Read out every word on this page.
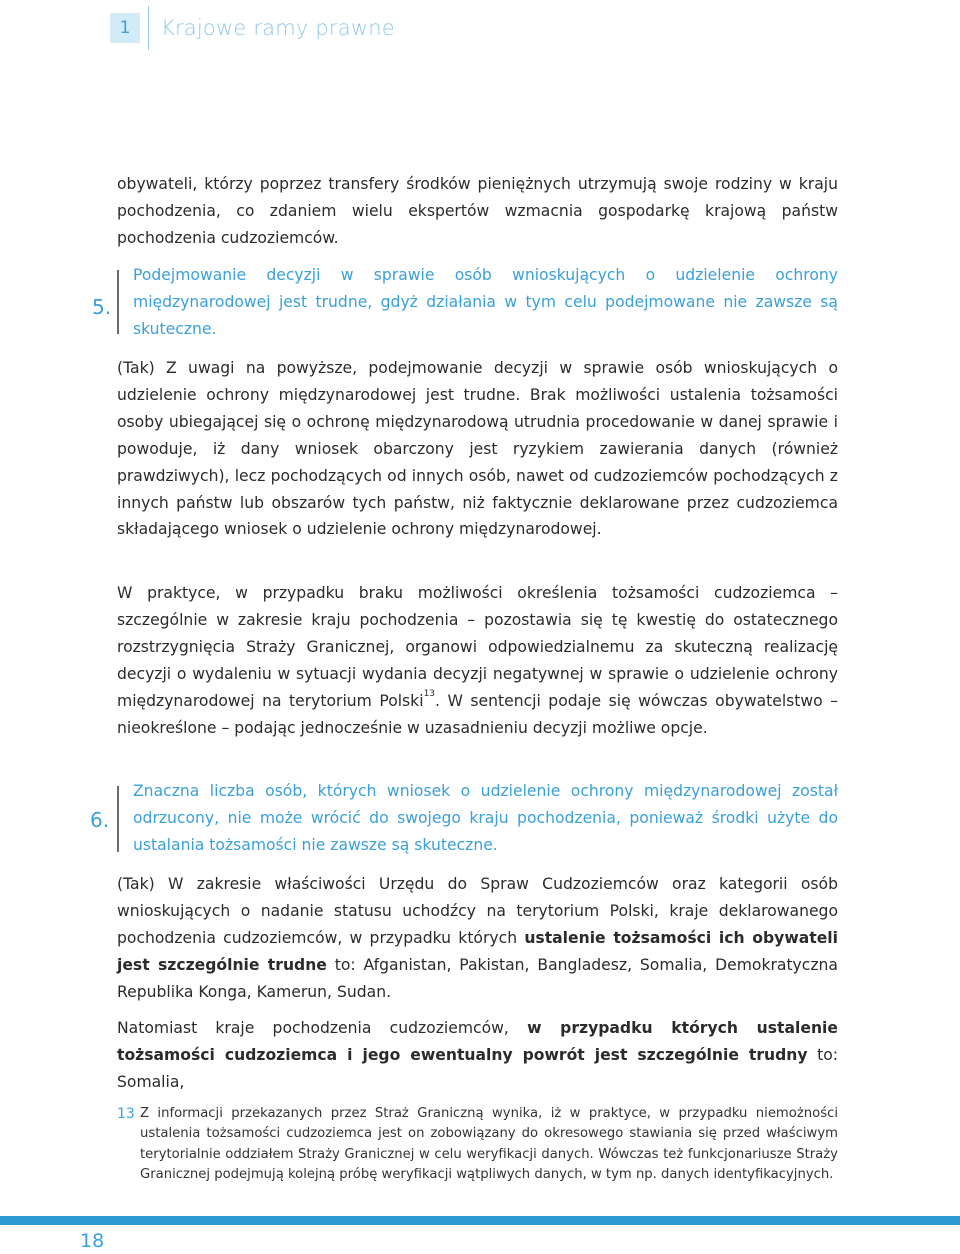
1	Krajowe ramy prawne

obywateli, którzy poprzez transfery środków pieniężnych utrzymują swoje rodziny w kraju pochodzenia, co zdaniem wielu ekspertów wzmacnia gospodarkę krajową państw pochodzenia cudzoziemców.

5.

Podejmowanie decyzji w sprawie osób wnioskujących o udzielenie ochrony międzynarodowej jest trudne, gdyż działania w tym celu podejmowane nie zawsze są skuteczne.

(Tak) Z uwagi na powyższe, podejmowanie decyzji w sprawie osób wnioskujących o udzielenie ochrony międzynarodowej jest trudne. Brak możliwości ustalenia tożsamości osoby ubiegającej się o ochronę międzynarodową utrudnia procedowanie w danej sprawie i powoduje, iż dany wniosek obarczony jest ryzykiem zawierania danych (również prawdziwych), lecz pochodzących od innych osób, nawet od cudzoziemców pochodzących z innych państw lub obszarów tych państw, niż faktycznie deklarowane przez cudzoziemca składającego wniosek o udzielenie ochrony międzynarodowej.

W praktyce, w przypadku braku możliwości określenia tożsamości cudzoziemca – szczególnie w zakresie kraju pochodzenia – pozostawia się tę kwestię do ostatecznego rozstrzygnięcia Straży Granicznej, organowi odpowiedzialnemu za skuteczną realizację decyzji o wydaleniu w sytuacji wydania decyzji negatywnej w sprawie o udzielenie ochrony międzynarodowej na terytorium Polski$^{13}$. W sentencji podaje się wówczas obywatelstwo – nieokreślone – podając jednocześnie w uzasadnieniu decyzji możliwe opcje.

6.

Znaczna liczba osób, których wniosek o udzielenie ochrony międzynarodowej został odrzucony, nie może wrócić do swojego kraju pochodzenia, ponieważ środki użyte do ustalania tożsamości nie zawsze są skuteczne.

(Tak) W zakresie właściwości Urzędu do Spraw Cudzoziemców oraz kategorii osób wnioskujących o nadanie statusu uchodźcy na terytorium Polski, kraje deklarowanego pochodzenia cudzoziemców, w przypadku których ustalenie tożsamości ich obywateli jest szczególnie trudne to: Afganistan, Pakistan, Bangladesz, Somalia, Demokratyczna Republika Konga, Kamerun, Sudan.

Natomiast kraje pochodzenia cudzoziemców, w przypadku których ustalenie tożsamości cudzoziemca i jego ewentualny powrót jest szczególnie trudny to: Somalia,

13 Z informacji przekazanych przez Straż Graniczną wynika, iż w praktyce, w przypadku niemożności ustalenia tożsamości cudzoziemca jest on zobowiązany do okresowego stawiania się przed właściwym terytorialnie oddziałem Straży Granicznej w celu weryfikacji danych. Wówczas też funkcjonariusze Straży Granicznej podejmują kolejną próbę weryfikacji wątpliwych danych, w tym np. danych identyfikacyjnych.

18
